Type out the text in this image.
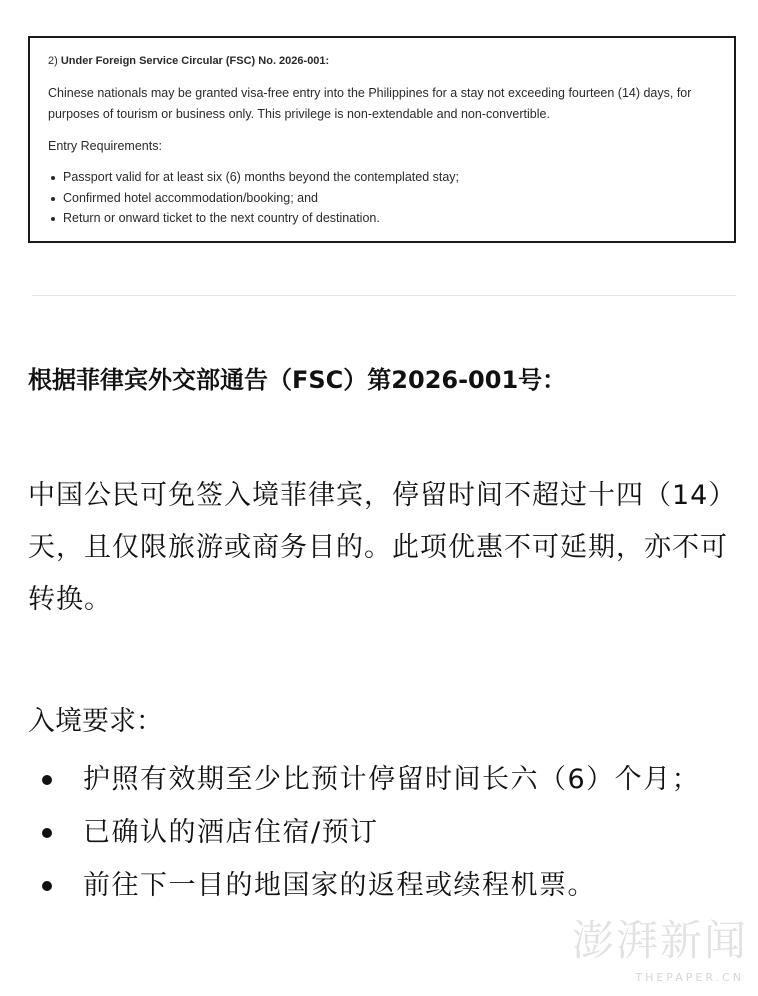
2) Under Foreign Service Circular (FSC) No. 2026-001:

Chinese nationals may be granted visa-free entry into the Philippines for a stay not exceeding fourteen (14) days, for purposes of tourism or business only. This privilege is non-extendable and non-convertible.

Entry Requirements:

Passport valid for at least six (6) months beyond the contemplated stay;
Confirmed hotel accommodation/booking; and
Return or onward ticket to the next country of destination.
根据菲律宾外交部通告（FSC）第2026-001号：

中国公民可免签入境菲律宾，停留时间不超过十四（14）天，且仅限旅游或商务目的。此项优惠不可延期，亦不可转换。

入境要求：

护照有效期至少比预计停留时间长六（6）个月；
已确认的酒店住宿/预订
前往下一目的地国家的返程或续程机票。
澎湃新闻
THEPAPER.CN
